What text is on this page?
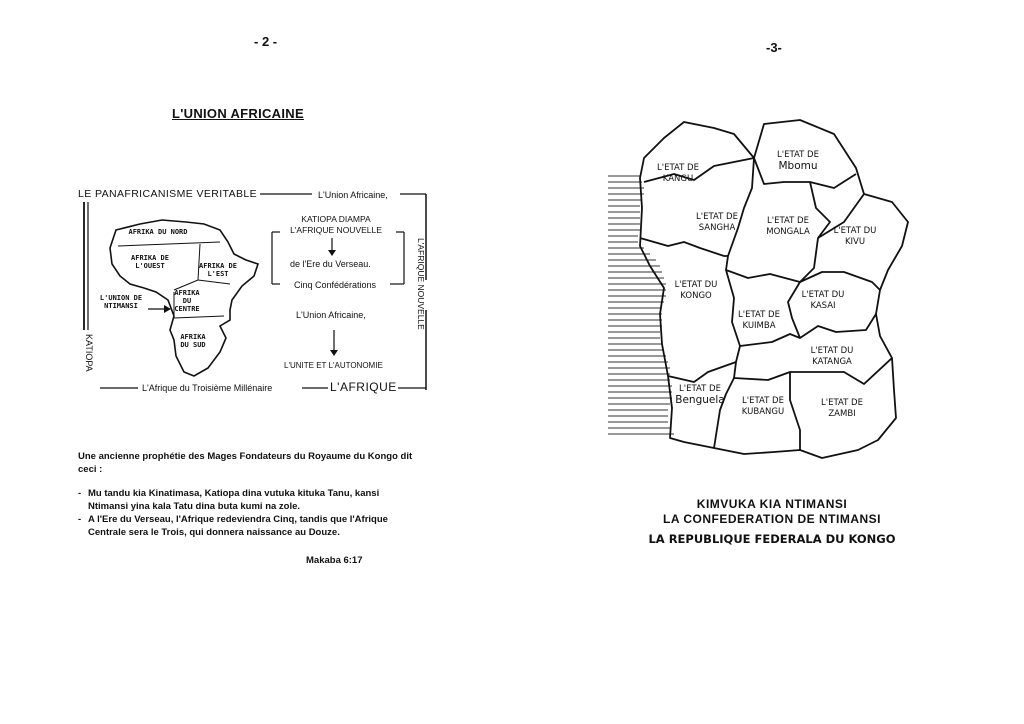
- 2 -
L'UNION AFRICAINE
LE PANAFRICANISME VERITABLE	L'Union Africaine,
KATIOPA
L'AFRIQUE NOUVELLE
L'Afrique du Troisième Millénaire	L'AFRIQUE
AFRIKA DU NORD
AFRIKA DE L'OUEST	AFRIKA DE L'EST
AFRIKA DU CENTRE
AFRIKA DU SUD
L'UNION DE NTIMANSI
KATIOPA DIAMPA
L'AFRIQUE NOUVELLE
de l'Ere du Verseau.
Cinq Confédérations
L'Union Africaine,
L'UNITE ET L'AUTONOMIE
Une ancienne prophétie des Mages Fondateurs du Royaume du Kongo dit ceci :
- Mu tandu kia Kinatimasa, Katiopa dina vutuka kituka Tanu, kansi Ntimansi yina kala Tatu dina buta kumi na zole.
- A l'Ere du Verseau, l'Afrique redeviendra Cinq, tandis que l'Afrique Centrale sera le Trois, qui donnera naissance au Douze.
Makaba 6:17
-3-
L'ETAT DE KANGU
L'ETAT DE
Mbomu
L'ETAT DE SANGHA
L'ETAT DE MONGALA	L'ETAT DU KIVU
L'ETAT DU KONGO
L'ETAT DE KUIMBA
L'ETAT DU KASAI
L'ETAT DU KATANGA
L'ETAT DE
Benguela	L'ETAT DE KUBANGU
L'ETAT DE ZAMBI
KIMVUKA KIA NTIMANSI
LA CONFEDERATION DE NTIMANSI
LA REPUBLIQUE FEDERALA DU KONGO
